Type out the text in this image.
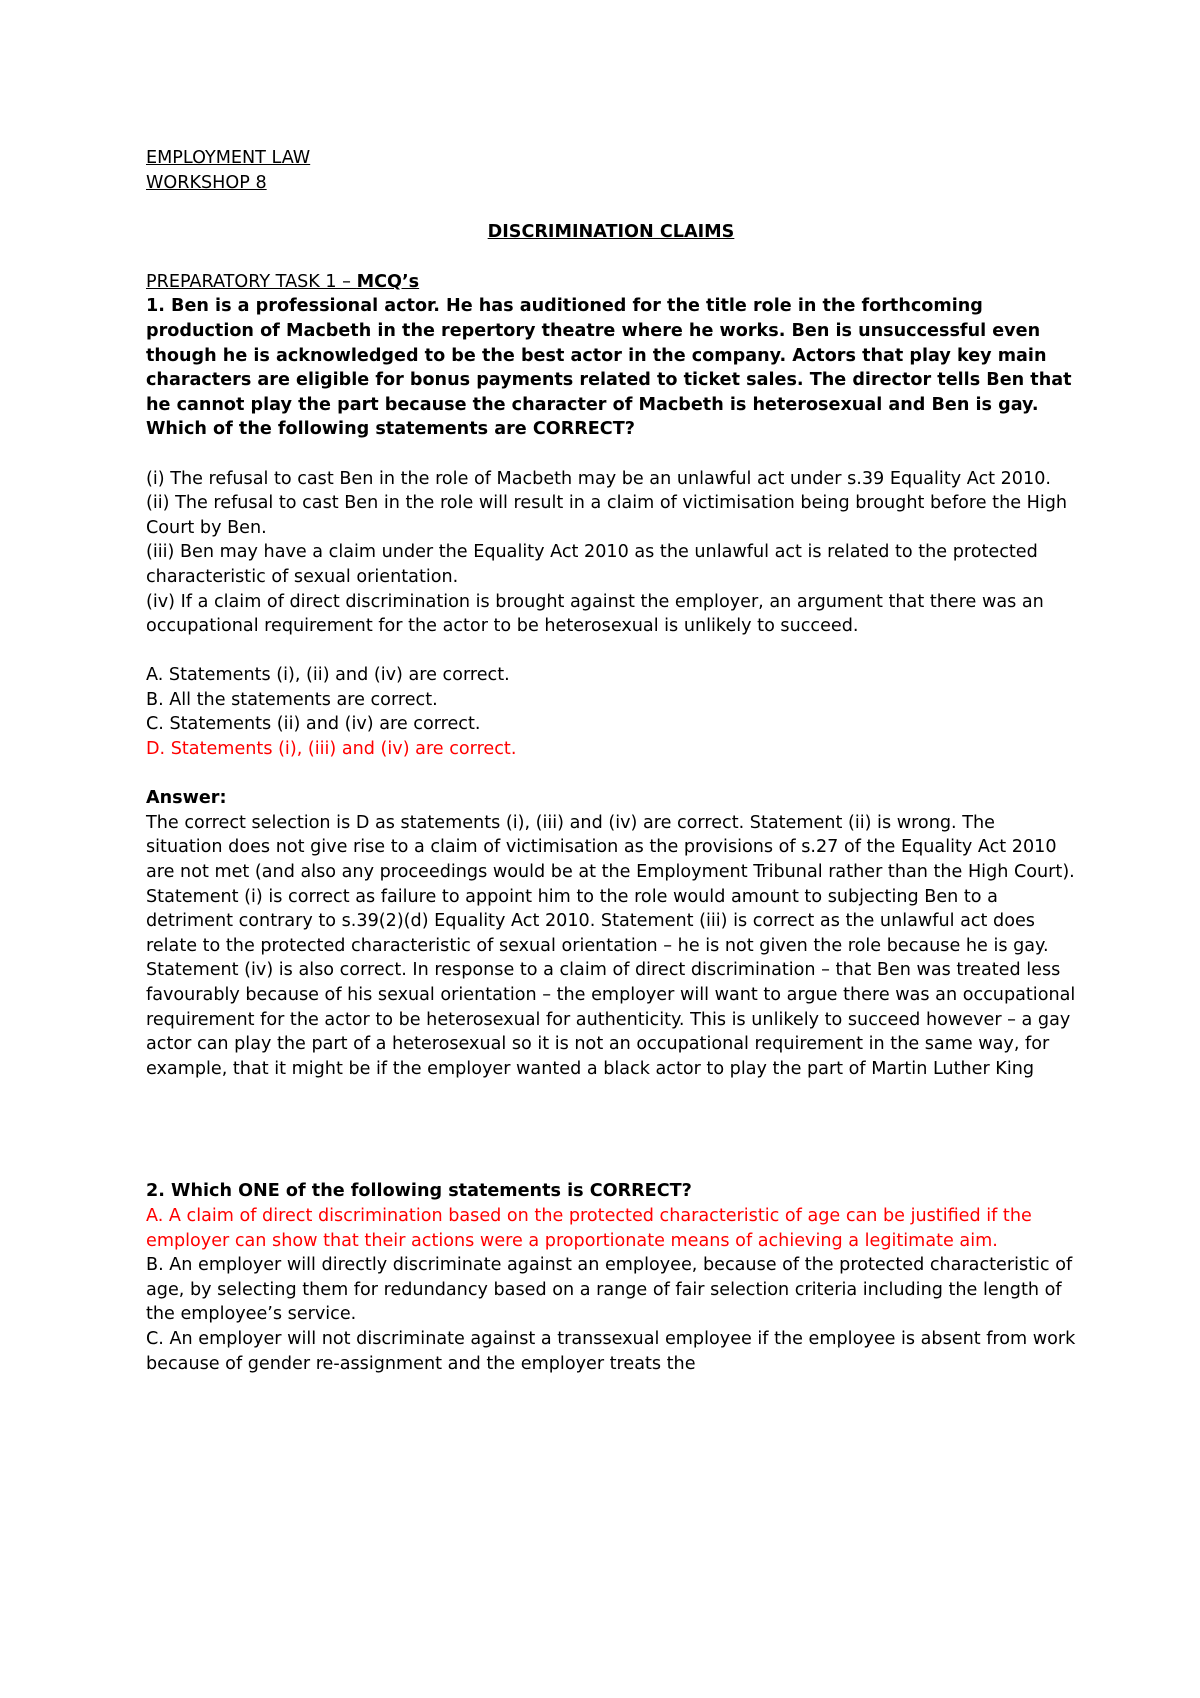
EMPLOYMENT LAW

WORKSHOP 8

DISCRIMINATION CLAIMS

PREPARATORY TASK 1 – MCQ’s

1. Ben is a professional actor. He has auditioned for the title role in the forthcoming production of Macbeth in the repertory theatre where he works. Ben is unsuccessful even though he is acknowledged to be the best actor in the company. Actors that play key main characters are eligible for bonus payments related to ticket sales. The director tells Ben that he cannot play the part because the character of Macbeth is heterosexual and Ben is gay.

Which of the following statements are CORRECT?

(i) The refusal to cast Ben in the role of Macbeth may be an unlawful act under s.39 Equality Act 2010.

(ii) The refusal to cast Ben in the role will result in a claim of victimisation being brought before the High Court by Ben.

(iii) Ben may have a claim under the Equality Act 2010 as the unlawful act is related to the protected characteristic of sexual orientation.

(iv) If a claim of direct discrimination is brought against the employer, an argument that there was an occupational requirement for the actor to be heterosexual is unlikely to succeed.

A. Statements (i), (ii) and (iv) are correct.

B. All the statements are correct.

C. Statements (ii) and (iv) are correct.

D. Statements (i), (iii) and (iv) are correct.

Answer:

The correct selection is D as statements (i), (iii) and (iv) are correct. Statement (ii) is wrong. The situation does not give rise to a claim of victimisation as the provisions of s.27 of the Equality Act 2010 are not met (and also any proceedings would be at the Employment Tribunal rather than the High Court). Statement (i) is correct as failure to appoint him to the role would amount to subjecting Ben to a detriment contrary to s.39(2)(d) Equality Act 2010. Statement (iii) is correct as the unlawful act does relate to the protected characteristic of sexual orientation – he is not given the role because he is gay. Statement (iv) is also correct. In response to a claim of direct discrimination – that Ben was treated less favourably because of his sexual orientation – the employer will want to argue there was an occupational requirement for the actor to be heterosexual for authenticity. This is unlikely to succeed however – a gay actor can play the part of a heterosexual so it is not an occupational requirement in the same way, for example, that it might be if the employer wanted a black actor to play the part of Martin Luther King

2. Which ONE of the following statements is CORRECT?

A. A claim of direct discrimination based on the protected characteristic of age can be justified if the employer can show that their actions were a proportionate means of achieving a legitimate aim.

B. An employer will directly discriminate against an employee, because of the protected characteristic of age, by selecting them for redundancy based on a range of fair selection criteria including the length of the employee’s service.

C. An employer will not discriminate against a transsexual employee if the employee is absent from work because of gender re-assignment and the employer treats the
